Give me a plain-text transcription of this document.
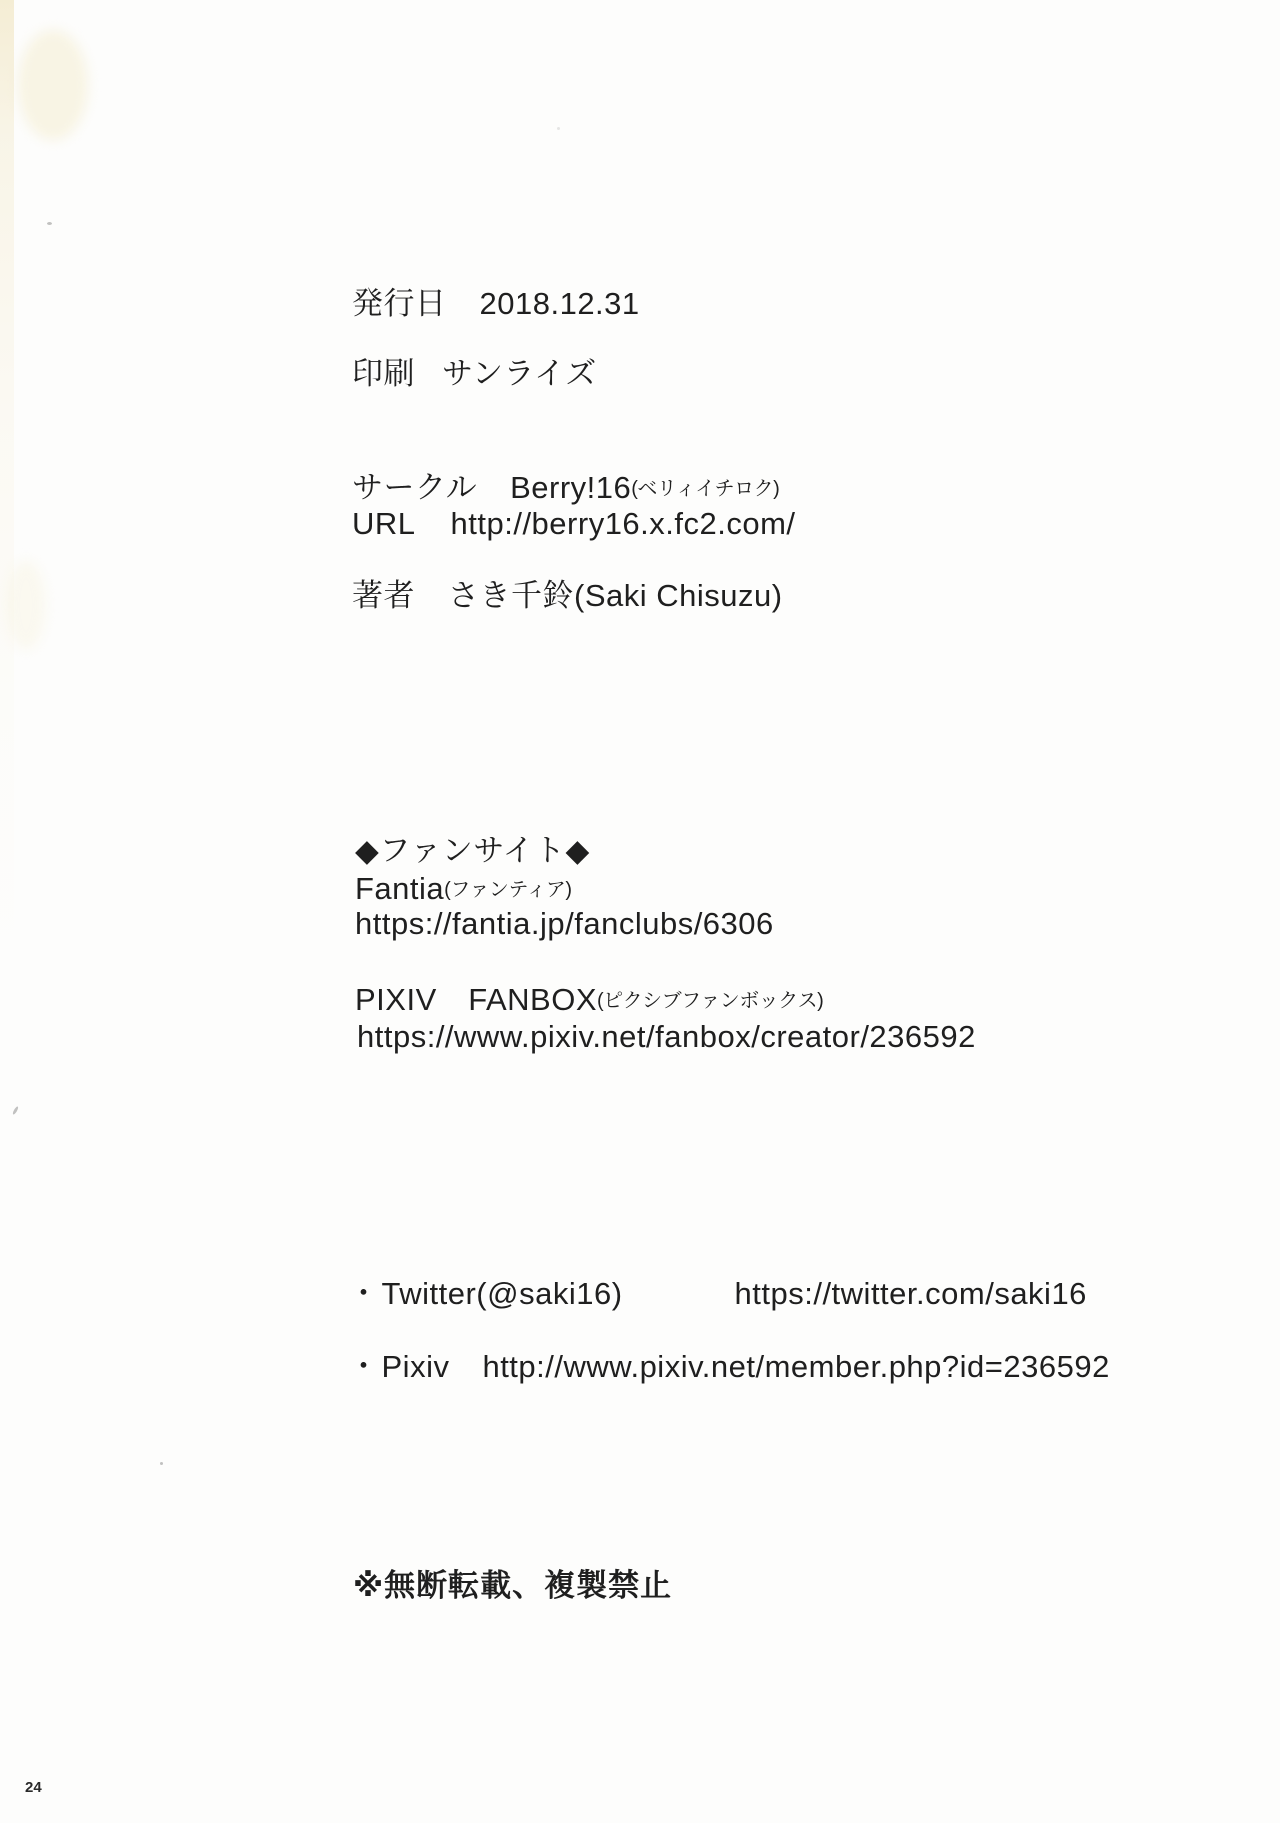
発行日 2018.12.31
印刷 サンライズ
サークル Berry!16(ベリィイチロク)
URL http://berry16.x.fc2.com/
著者 さき千鈴(Saki Chisuzu)
◆ファンサイト◆
Fantia(ファンティア)
https://fantia.jp/fanclubs/6306
PIXIV　FANBOX(ピクシブファンボックス)
https://www.pixiv.net/fanbox/creator/236592
・Twitter(@saki16)	https://twitter.com/saki16
・Pixiv http://www.pixiv.net/member.php?id=236592
※無断転載、複製禁止
24
